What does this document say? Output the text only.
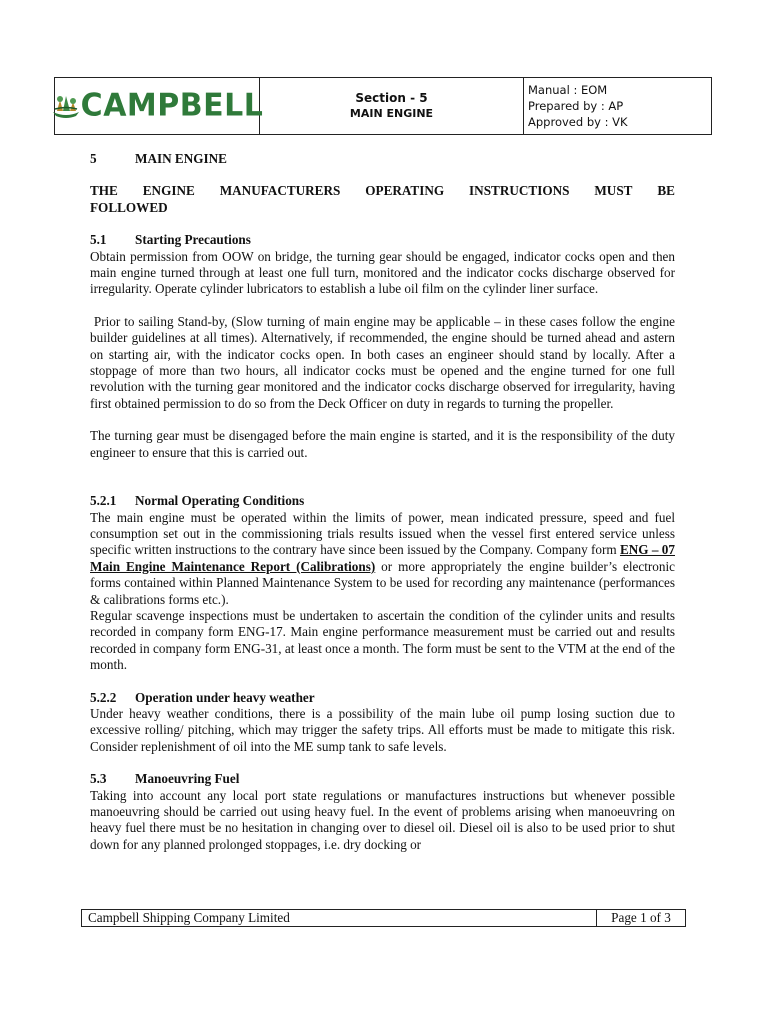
CAMPBELL	Section - 5
MAIN ENGINE
Manual : EOM
Prepared by : AP
Approved by : VK
5	MAIN ENGINE
THE ENGINE MANUFACTURERS OPERATING INSTRUCTIONS MUST BE
FOLLOWED
5.1 Starting Precautions

Obtain permission from OOW on bridge, the turning gear should be engaged, indicator cocks open and then main engine turned through at least one full turn, monitored and the indicator cocks discharge observed for irregularity. Operate cylinder lubricators to establish a lube oil film on the cylinder liner surface.

Prior to sailing Stand-by, (Slow turning of main engine may be applicable – in these cases follow the engine builder guidelines at all times). Alternatively, if recommended, the engine should be turned ahead and astern on starting air, with the indicator cocks open. In both cases an engineer should stand by locally. After a stoppage of more than two hours, all indicator cocks must be opened and the engine turned for one full revolution with the turning gear monitored and the indicator cocks discharge observed for irregularity, having first obtained permission to do so from the Deck Officer on duty in regards to turning the propeller.

The turning gear must be disengaged before the main engine is started, and it is the responsibility of the duty engineer to ensure that this is carried out.

5.2.1 Normal Operating Conditions

The main engine must be operated within the limits of power, mean indicated pressure, speed and fuel consumption set out in the commissioning trials results issued when the vessel first entered service unless specific written instructions to the contrary have since been issued by the Company. Company form ENG – 07 Main Engine Maintenance Report (Calibrations) or more appropriately the engine builder’s electronic forms contained within Planned Maintenance System to be used for recording any maintenance (performances & calibrations forms etc.).

Regular scavenge inspections must be undertaken to ascertain the condition of the cylinder units and results recorded in company form ENG-17. Main engine performance measurement must be carried out and results recorded in company form ENG-31, at least once a month. The form must be sent to the VTM at the end of the month.

5.2.2 Operation under heavy weather

Under heavy weather conditions, there is a possibility of the main lube oil pump losing suction due to excessive rolling/ pitching, which may trigger the safety trips. All efforts must be made to mitigate this risk. Consider replenishment of oil into the ME sump tank to safe levels.

5.3 Manoeuvring Fuel

Taking into account any local port state regulations or manufactures instructions but whenever possible manoeuvring should be carried out using heavy fuel. In the event of problems arising when manoeuvring on heavy fuel there must be no hesitation in changing over to diesel oil. Diesel oil is also to be used prior to shut down for any planned prolonged stoppages, i.e. dry docking or

Campbell Shipping Company Limited	Page 1 of 3
